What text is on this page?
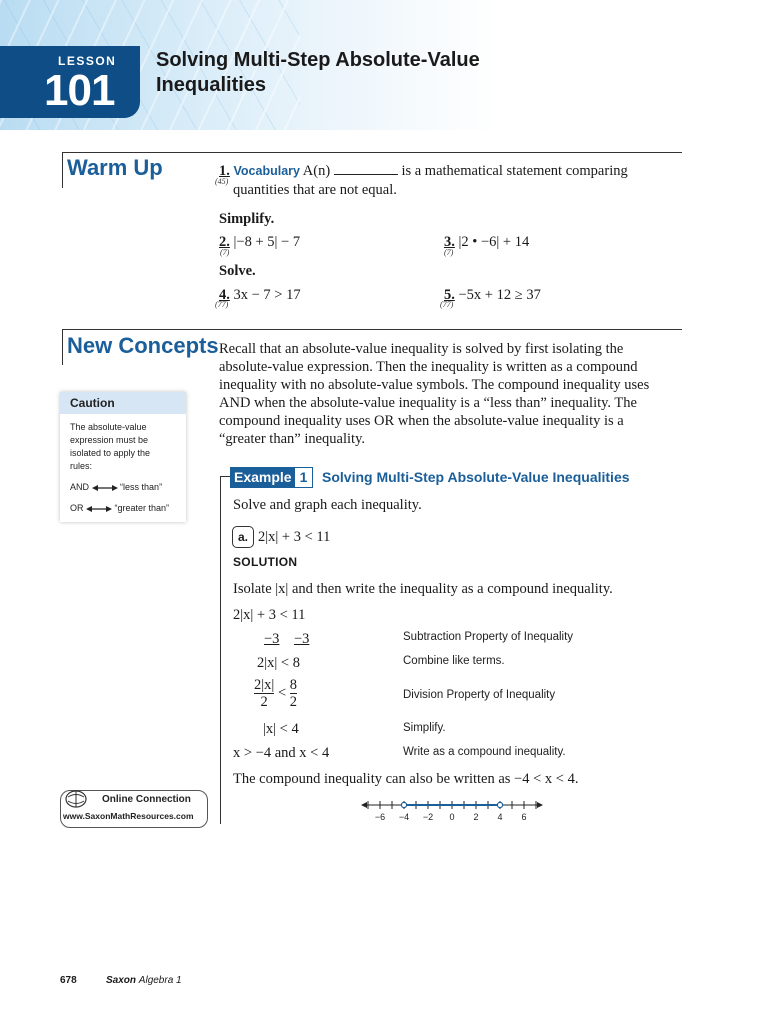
LESSON
101
Solving Multi-Step Absolute-Value
Inequalities
Warm Up	1. Vocabulary A(n)	is a mathematical statement comparing
(45)
quantities that are not equal.
Simplify.
2. |−8 + 5| − 7
(7)
3. |2 • −6| + 14
(7)
Solve.
4. 3x − 7 > 17
(77)
5. −5x + 12 ≥ 37
(77)
New Concepts Recall that an absolute-value inequality is solved by first isolating the
absolute-value expression. Then the inequality is written as a compound
inequality with no absolute-value symbols. The compound inequality uses
AND when the absolute-value inequality is a “less than” inequality. The
compound inequality uses OR when the absolute-value inequality is a
“greater than” inequality.
Caution
The absolute-value
expression must be
isolated to apply the
rules:
AND	“less than”
OR	“greater than”
Example 1	Solving Multi-Step Absolute-Value Inequalities
Solve and graph each inequality.
a. 2|x| + 3 < 11
SOLUTION
Isolate |x| and then write the inequality as a compound inequality.
2|x| + 3 < 11
−3 −3	Subtraction Property of Inequality
2|x| < 8	Combine like terms.
$\frac{2|x|}{2} < \frac{8}{2}$	Division Property of Inequality
|x| < 4	Simplify.
x > −4 and x < 4	Write as a compound inequality.
The compound inequality can also be written as −4 < x < 4.
−6 −4 −2 0 2 4 6
Online Connection
www.SaxonMathResources.com
678	Saxon Algebra 1
